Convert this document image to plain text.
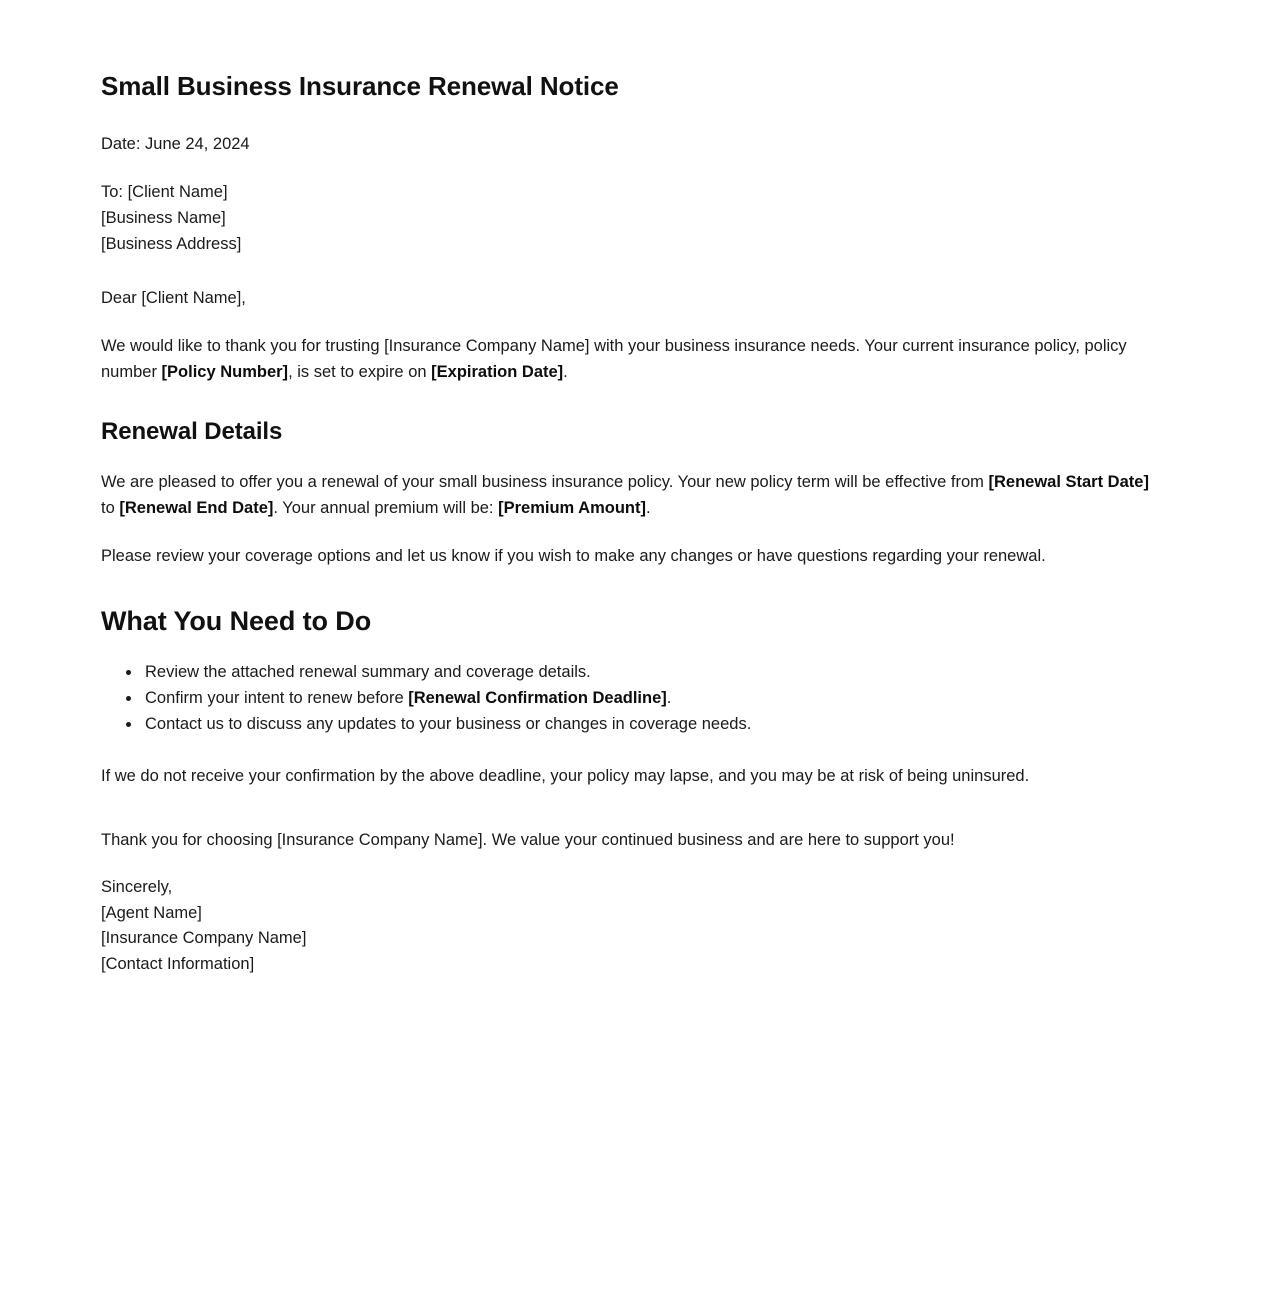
Small Business Insurance Renewal Notice

Date: June 24, 2024

To: [Client Name]
[Business Name]
[Business Address]

Dear [Client Name],

We would like to thank you for trusting [Insurance Company Name] with your business insurance needs. Your current insurance policy, policy number [Policy Number], is set to expire on [Expiration Date].

Renewal Details

We are pleased to offer you a renewal of your small business insurance policy. Your new policy term will be effective from [Renewal Start Date] to [Renewal End Date]. Your annual premium will be: [Premium Amount].

Please review your coverage options and let us know if you wish to make any changes or have questions regarding your renewal.

What You Need to Do
• Review the attached renewal summary and coverage details.
• Confirm your intent to renew before [Renewal Confirmation Deadline].
• Contact us to discuss any updates to your business or changes in coverage needs.

If we do not receive your confirmation by the above deadline, your policy may lapse, and you may be at risk of being uninsured.

Thank you for choosing [Insurance Company Name]. We value your continued business and are here to support you!

Sincerely,
[Agent Name]
[Insurance Company Name]
[Contact Information]
